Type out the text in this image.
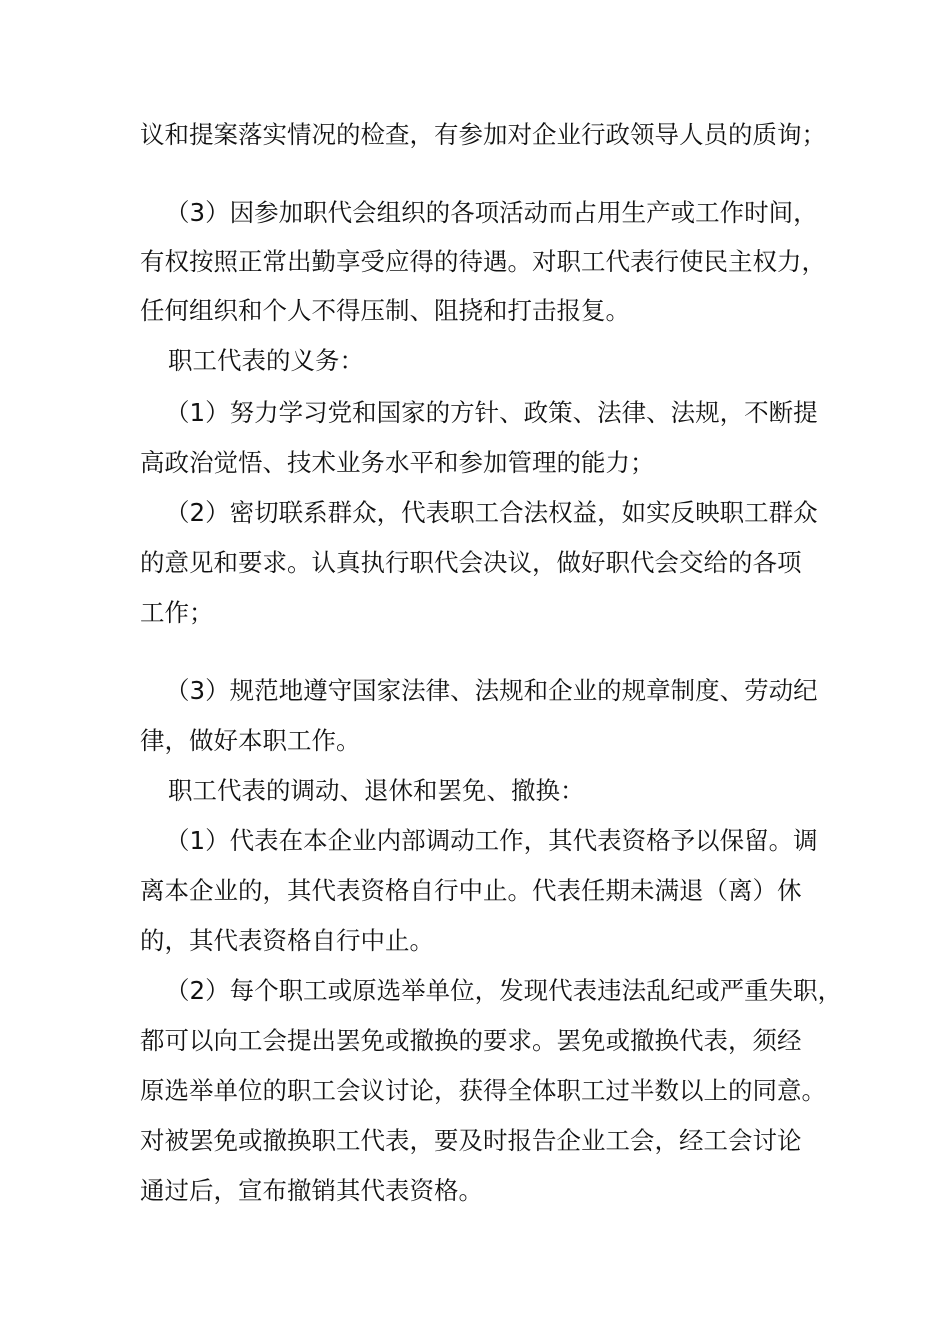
议和提案落实情况的检查，有参加对企业行政领导人员的质询；

（3）因参加职代会组织的各项活动而占用生产或工作时间，

有权按照正常出勤享受应得的待遇。对职工代表行使民主权力，

任何组织和个人不得压制、阻挠和打击报复。

职工代表的义务：

（1）努力学习党和国家的方针、政策、法律、法规，不断提

高政治觉悟、技术业务水平和参加管理的能力；

（2）密切联系群众，代表职工合法权益，如实反映职工群众

的意见和要求。认真执行职代会决议，做好职代会交给的各项

工作；

（3）规范地遵守国家法律、法规和企业的规章制度、劳动纪

律，做好本职工作。

职工代表的调动、退休和罢免、撤换：

（1）代表在本企业内部调动工作，其代表资格予以保留。调

离本企业的，其代表资格自行中止。代表任期未满退（离）休

的，其代表资格自行中止。

（2）每个职工或原选举单位，发现代表违法乱纪或严重失职，

都可以向工会提出罢免或撤换的要求。罢免或撤换代表，须经

原选举单位的职工会议讨论，获得全体职工过半数以上的同意。

对被罢免或撤换职工代表，要及时报告企业工会，经工会讨论

通过后，宣布撤销其代表资格。
